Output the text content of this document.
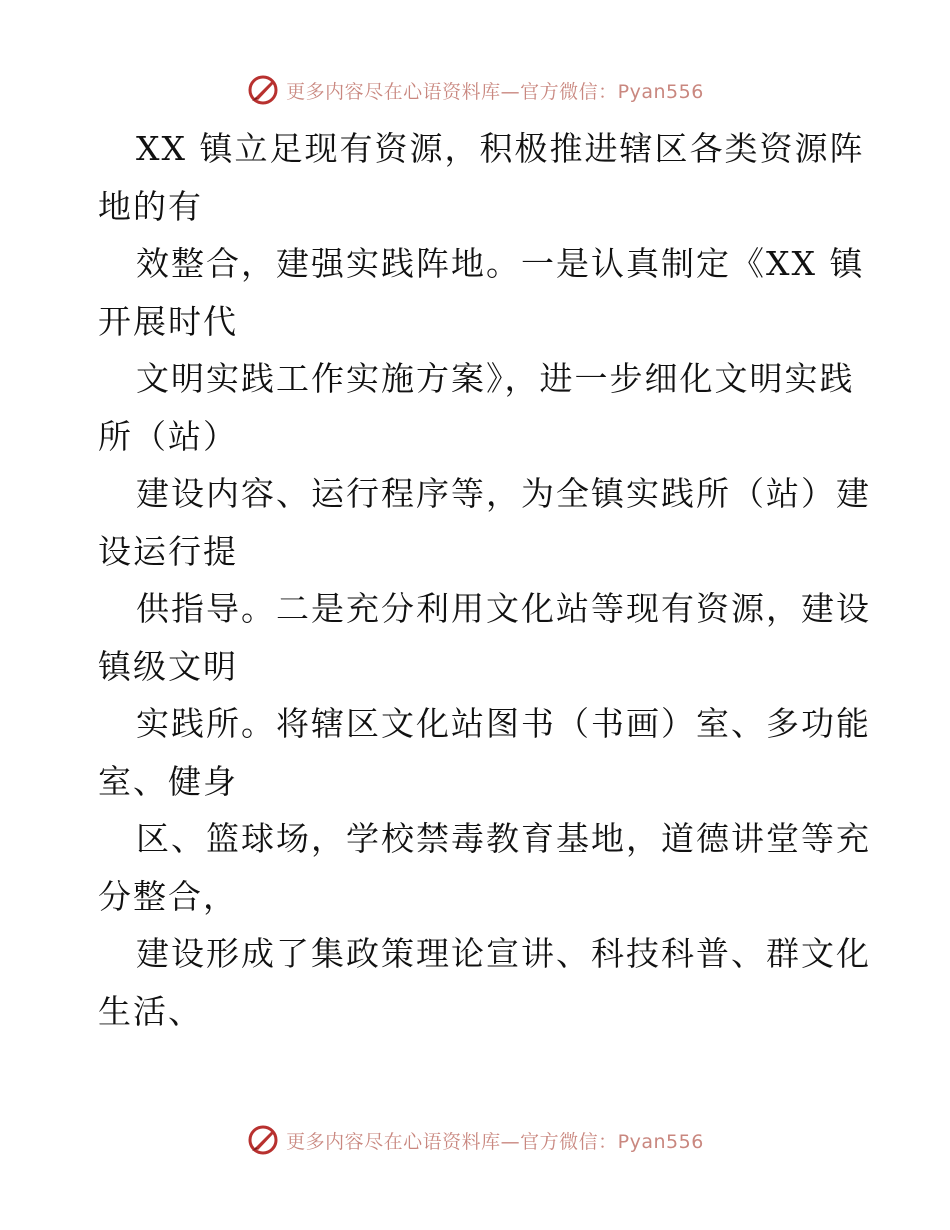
更多内容尽在心语资料库—官方微信：Pyan556
XX 镇立足现有资源，积极推进辖区各类资源阵
地的有
效整合，建强实践阵地。一是认真制定《XX 镇
开展时代
文明实践工作实施方案》，进一步细化文明实践
所（站）
建设内容、运行程序等，为全镇实践所（站）建
设运行提
供指导。二是充分利用文化站等现有资源，建设
镇级文明
实践所。将辖区文化站图书（书画）室、多功能
室、健身
区、篮球场，学校禁毒教育基地，道德讲堂等充
分整合，
建设形成了集政策理论宣讲、科技科普、群文化
生活、
更多内容尽在心语资料库—官方微信：Pyan556
